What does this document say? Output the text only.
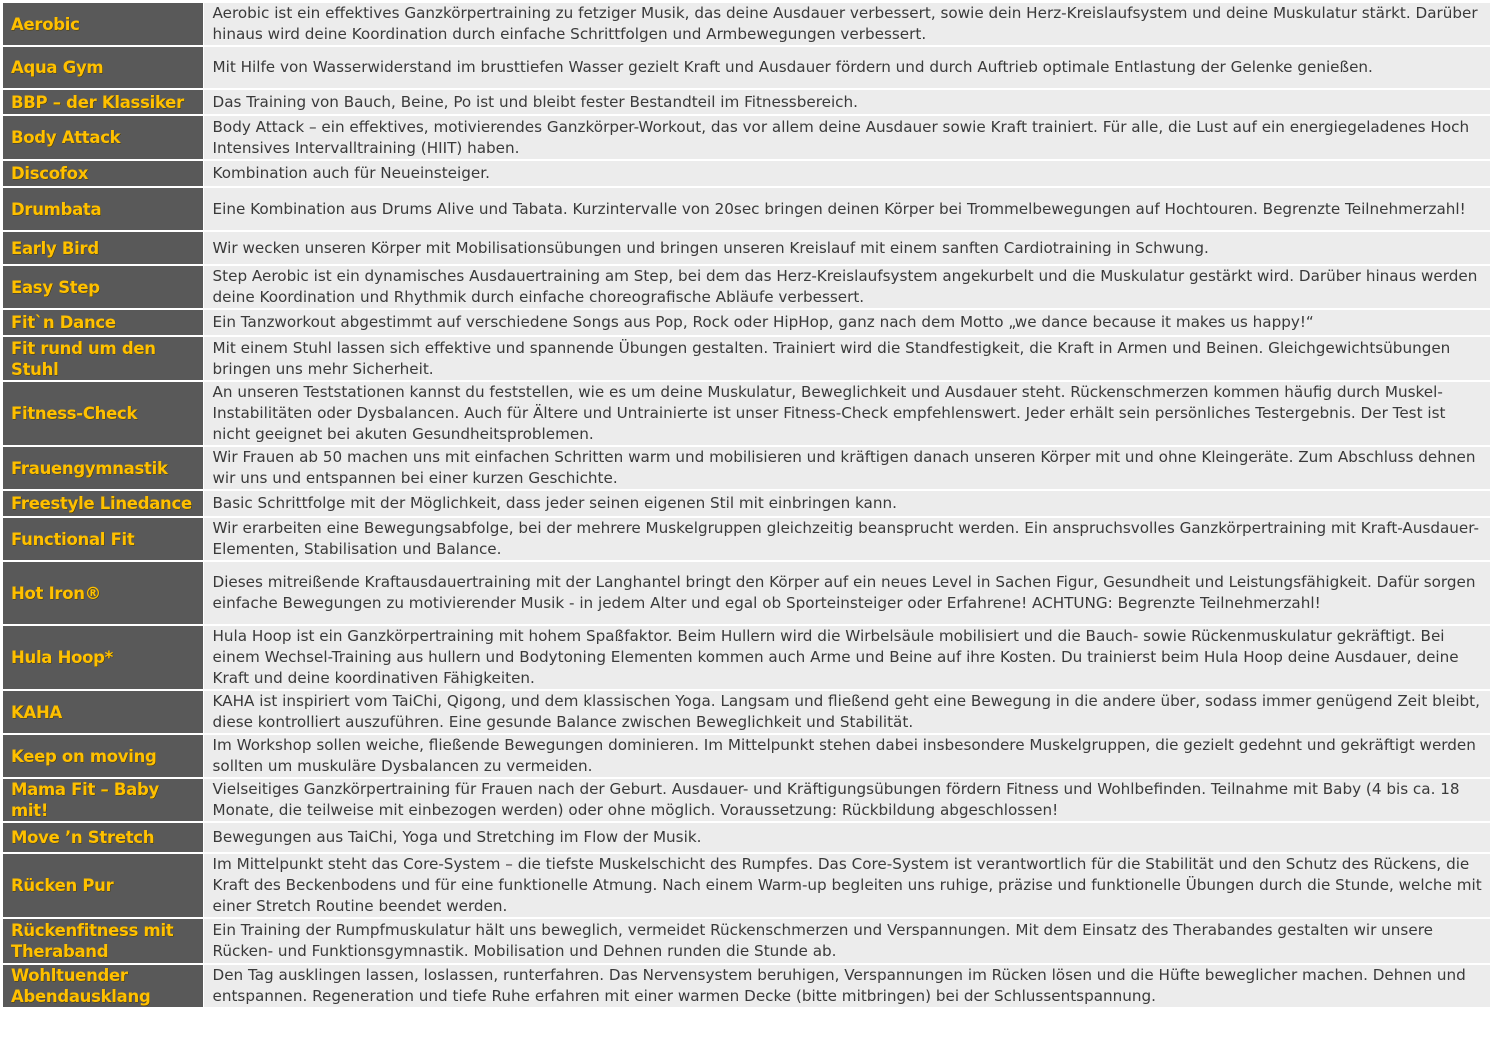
Aerobic	Aerobic ist ein effektives Ganzkörpertraining zu fetziger Musik, das deine Ausdauer verbessert, sowie dein Herz-Kreislaufsystem und deine Muskulatur stärkt. Darüber hinaus wird deine Koordination durch einfache Schrittfolgen und Armbewegungen verbessert.
Aqua Gym	Mit Hilfe von Wasserwiderstand im brusttiefen Wasser gezielt Kraft und Ausdauer fördern und durch Auftrieb optimale Entlastung der Gelenke genießen.
BBP – der Klassiker	Das Training von Bauch, Beine, Po ist und bleibt fester Bestandteil im Fitnessbereich.
Body Attack	Body Attack – ein effektives, motivierendes Ganzkörper-Workout, das vor allem deine Ausdauer sowie Kraft trainiert. Für alle, die Lust auf ein energiegeladenes Hoch Intensives Intervalltraining (HIIT) haben.
Discofox	Kombination auch für Neueinsteiger.
Drumbata	Eine Kombination aus Drums Alive und Tabata. Kurzintervalle von 20sec bringen deinen Körper bei Trommelbewegungen auf Hochtouren. Begrenzte Teilnehmerzahl!
Early Bird	Wir wecken unseren Körper mit Mobilisationsübungen und bringen unseren Kreislauf mit einem sanften Cardiotraining in Schwung.
Easy Step	Step Aerobic ist ein dynamisches Ausdauertraining am Step, bei dem das Herz-Kreislaufsystem angekurbelt und die Muskulatur gestärkt wird. Darüber hinaus werden deine Koordination und Rhythmik durch einfache choreografische Abläufe verbessert.
Fit`n Dance	Ein Tanzworkout abgestimmt auf verschiedene Songs aus Pop, Rock oder HipHop, ganz nach dem Motto „we dance because it makes us happy!“
Fit rund um den Stuhl	Mit einem Stuhl lassen sich effektive und spannende Übungen gestalten. Trainiert wird die Standfestigkeit, die Kraft in Armen und Beinen. Gleichgewichtsübungen bringen uns mehr Sicherheit.
Fitness-Check	An unseren Teststationen kannst du feststellen, wie es um deine Muskulatur, Beweglichkeit und Ausdauer steht. Rückenschmerzen kommen häufig durch Muskel-Instabilitäten oder Dysbalancen. Auch für Ältere und Untrainierte ist unser Fitness-Check empfehlenswert. Jeder erhält sein persönliches Testergebnis. Der Test ist nicht geeignet bei akuten Gesundheitsproblemen.
Frauengymnastik	Wir Frauen ab 50 machen uns mit einfachen Schritten warm und mobilisieren und kräftigen danach unseren Körper mit und ohne Kleingeräte. Zum Abschluss dehnen wir uns und entspannen bei einer kurzen Geschichte.
Freestyle Linedance	Basic Schrittfolge mit der Möglichkeit, dass jeder seinen eigenen Stil mit einbringen kann.
Functional Fit	Wir erarbeiten eine Bewegungsabfolge, bei der mehrere Muskelgruppen gleichzeitig beansprucht werden. Ein anspruchsvolles Ganzkörpertraining mit Kraft-Ausdauer-Elementen, Stabilisation und Balance.
Hot Iron®	Dieses mitreißende Kraftausdauertraining mit der Langhantel bringt den Körper auf ein neues Level in Sachen Figur, Gesundheit und Leistungsfähigkeit. Dafür sorgen einfache Bewegungen zu motivierender Musik - in jedem Alter und egal ob Sporteinsteiger oder Erfahrene! ACHTUNG: Begrenzte Teilnehmerzahl!
Hula Hoop*	Hula Hoop ist ein Ganzkörpertraining mit hohem Spaßfaktor. Beim Hullern wird die Wirbelsäule mobilisiert und die Bauch- sowie Rückenmuskulatur gekräftigt. Bei einem Wechsel-Training aus hullern und Bodytoning Elementen kommen auch Arme und Beine auf ihre Kosten. Du trainierst beim Hula Hoop deine Ausdauer, deine Kraft und deine koordinativen Fähigkeiten.
KAHA	KAHA ist inspiriert vom TaiChi, Qigong, und dem klassischen Yoga. Langsam und fließend geht eine Bewegung in die andere über, sodass immer genügend Zeit bleibt, diese kontrolliert auszuführen. Eine gesunde Balance zwischen Beweglichkeit und Stabilität.
Keep on moving	Im Workshop sollen weiche, fließende Bewegungen dominieren. Im Mittelpunkt stehen dabei insbesondere Muskelgruppen, die gezielt gedehnt und gekräftigt werden sollten um muskuläre Dysbalancen zu vermeiden.
Mama Fit – Baby mit!	Vielseitiges Ganzkörpertraining für Frauen nach der Geburt. Ausdauer- und Kräftigungsübungen fördern Fitness und Wohlbefinden. Teilnahme mit Baby (4 bis ca. 18 Monate, die teilweise mit einbezogen werden) oder ohne möglich. Voraussetzung: Rückbildung abgeschlossen!
Move ’n Stretch	Bewegungen aus TaiChi, Yoga und Stretching im Flow der Musik.
Rücken Pur	Im Mittelpunkt steht das Core-System – die tiefste Muskelschicht des Rumpfes. Das Core-System ist verantwortlich für die Stabilität und den Schutz des Rückens, die Kraft des Beckenbodens und für eine funktionelle Atmung. Nach einem Warm-up begleiten uns ruhige, präzise und funktionelle Übungen durch die Stunde, welche mit einer Stretch Routine beendet werden.
Rückenfitness mit Theraband	Ein Training der Rumpfmuskulatur hält uns beweglich, vermeidet Rückenschmerzen und Verspannungen. Mit dem Einsatz des Therabandes gestalten wir unsere Rücken- und Funktionsgymnastik. Mobilisation und Dehnen runden die Stunde ab.
Wohltuender Abendausklang	Den Tag ausklingen lassen, loslassen, runterfahren. Das Nervensystem beruhigen, Verspannungen im Rücken lösen und die Hüfte beweglicher machen. Dehnen und entspannen. Regeneration und tiefe Ruhe erfahren mit einer warmen Decke (bitte mitbringen) bei der Schlussentspannung.
